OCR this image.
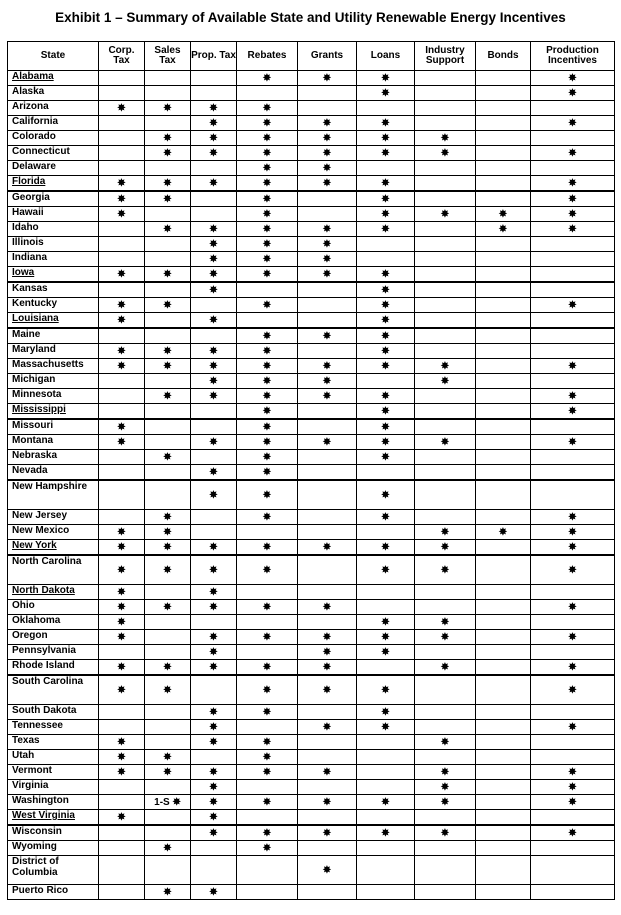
Exhibit 1 – Summary of Available State and Utility Renewable Energy Incentives
State	Corp. Tax	Sales Tax	Prop. Tax	Rebates	Grants	Loans	Industry Support	Bonds	Production Incentives

Alabama				✸	✸	✸			✸

Alaska						✸			✸

Arizona	✸	✸	✸	✸					

California			✸	✸	✸	✸			✸

Colorado		✸	✸	✸	✸	✸	✸		

Connecticut		✸	✸	✸	✸	✸	✸		✸

Delaware				✸	✸				

Florida	✸	✸	✸	✸	✸	✸			✸

Georgia	✸	✸		✸		✸			✸

Hawaii	✸			✸		✸	✸	✸	✸

Idaho		✸	✸	✸	✸	✸		✸	✸

Illinois			✸	✸	✸				

Indiana			✸	✸	✸				

Iowa	✸	✸	✸	✸	✸	✸			

Kansas			✸			✸			

Kentucky	✸	✸		✸		✸			✸

Louisiana	✸		✸			✸			

Maine				✸	✸	✸			

Maryland	✸	✸	✸	✸		✸			

Massachusetts	✸	✸	✸	✸	✸	✸	✸		✸

Michigan			✸	✸	✸		✸		

Minnesota		✸	✸	✸	✸	✸			✸

Mississippi				✸		✸			✸

Missouri	✸			✸		✸			

Montana	✸		✸	✸	✸	✸	✸		✸

Nebraska		✸		✸		✸			

Nevada			✸	✸					

New Hampshire			✸	✸		✸			

New Jersey		✸		✸		✸			✸

New Mexico	✸	✸					✸	✸	✸

New York	✸	✸	✸	✸	✸	✸	✸		✸

North Carolina	✸	✸	✸	✸		✸	✸		✸

North Dakota	✸		✸						

Ohio	✸	✸	✸	✸	✸				✸

Oklahoma	✸					✸	✸		

Oregon	✸		✸	✸	✸	✸	✸		✸

Pennsylvania			✸		✸	✸			

Rhode Island	✸	✸	✸	✸	✸		✸		✸

South Carolina	✸	✸		✸	✸	✸			✸

South Dakota			✸	✸		✸			

Tennessee			✸		✸	✸			✸

Texas	✸		✸	✸			✸		

Utah	✸	✸		✸					

Vermont	✸	✸	✸	✸	✸		✸		✸

Virginia			✸				✸		✸

Washington		1-S ✸	✸	✸	✸	✸	✸		✸

West Virginia	✸		✸						

Wisconsin			✸	✸	✸	✸	✸		✸

Wyoming		✸		✸					

District of Columbia					✸				

Puerto Rico		✸	✸						
